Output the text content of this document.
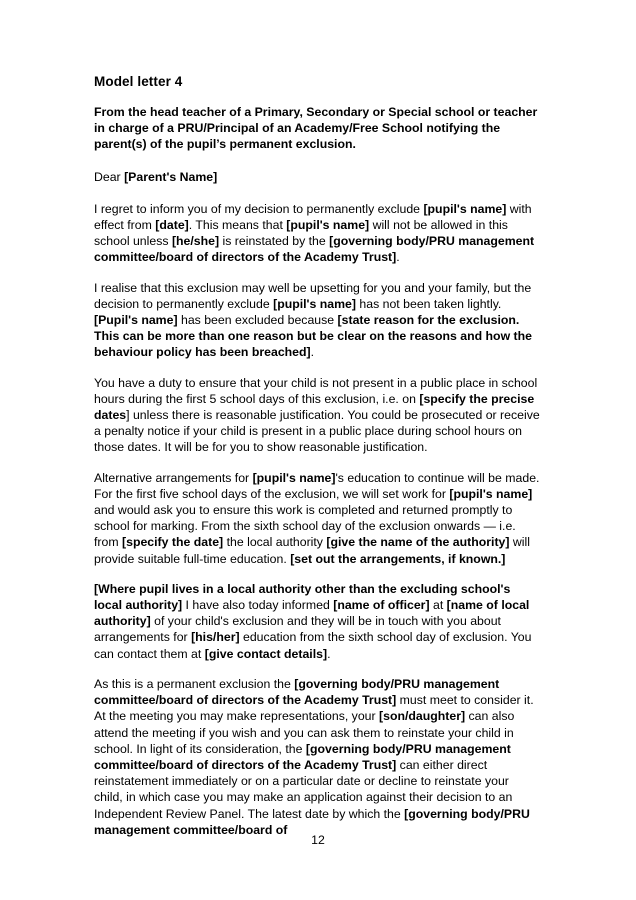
Model letter 4

From the head teacher of a Primary, Secondary or Special school or teacher in charge of a PRU/Principal of an Academy/Free School notifying the parent(s) of the pupil’s permanent exclusion.

Dear [Parent's Name]

I regret to inform you of my decision to permanently exclude [pupil's name] with effect from [date]. This means that [pupil's name] will not be allowed in this school unless [he/she] is reinstated by the [governing body/PRU management committee/board of directors of the Academy Trust].

I realise that this exclusion may well be upsetting for you and your family, but the decision to permanently exclude [pupil's name] has not been taken lightly. [Pupil's name] has been excluded because [state reason for the exclusion. This can be more than one reason but be clear on the reasons and how the behaviour policy has been breached].

You have a duty to ensure that your child is not present in a public place in school hours during the first 5 school days of this exclusion, i.e. on [specify the precise dates] unless there is reasonable justification. You could be prosecuted or receive a penalty notice if your child is present in a public place during school hours on those dates. It will be for you to show reasonable justification.

Alternative arrangements for [pupil's name]'s education to continue will be made. For the first five school days of the exclusion, we will set work for [pupil's name] and would ask you to ensure this work is completed and returned promptly to school for marking. From the sixth school day of the exclusion onwards — i.e. from [specify the date] the local authority [give the name of the authority] will provide suitable full-time education. [set out the arrangements, if known.]

[Where pupil lives in a local authority other than the excluding school's local authority] I have also today informed [name of officer] at [name of local authority] of your child's exclusion and they will be in touch with you about arrangements for [his/her] education from the sixth school day of exclusion. You can contact them at [give contact details].

As this is a permanent exclusion the [governing body/PRU management committee/board of directors of the Academy Trust] must meet to consider it. At the meeting you may make representations, your [son/daughter] can also attend the meeting if you wish and you can ask them to reinstate your child in school. In light of its consideration, the [governing body/PRU management committee/board of directors of the Academy Trust] can either direct reinstatement immediately or on a particular date or decline to reinstate your child, in which case you may make an application against their decision to an Independent Review Panel. The latest date by which the [governing body/PRU management committee/board of

12
